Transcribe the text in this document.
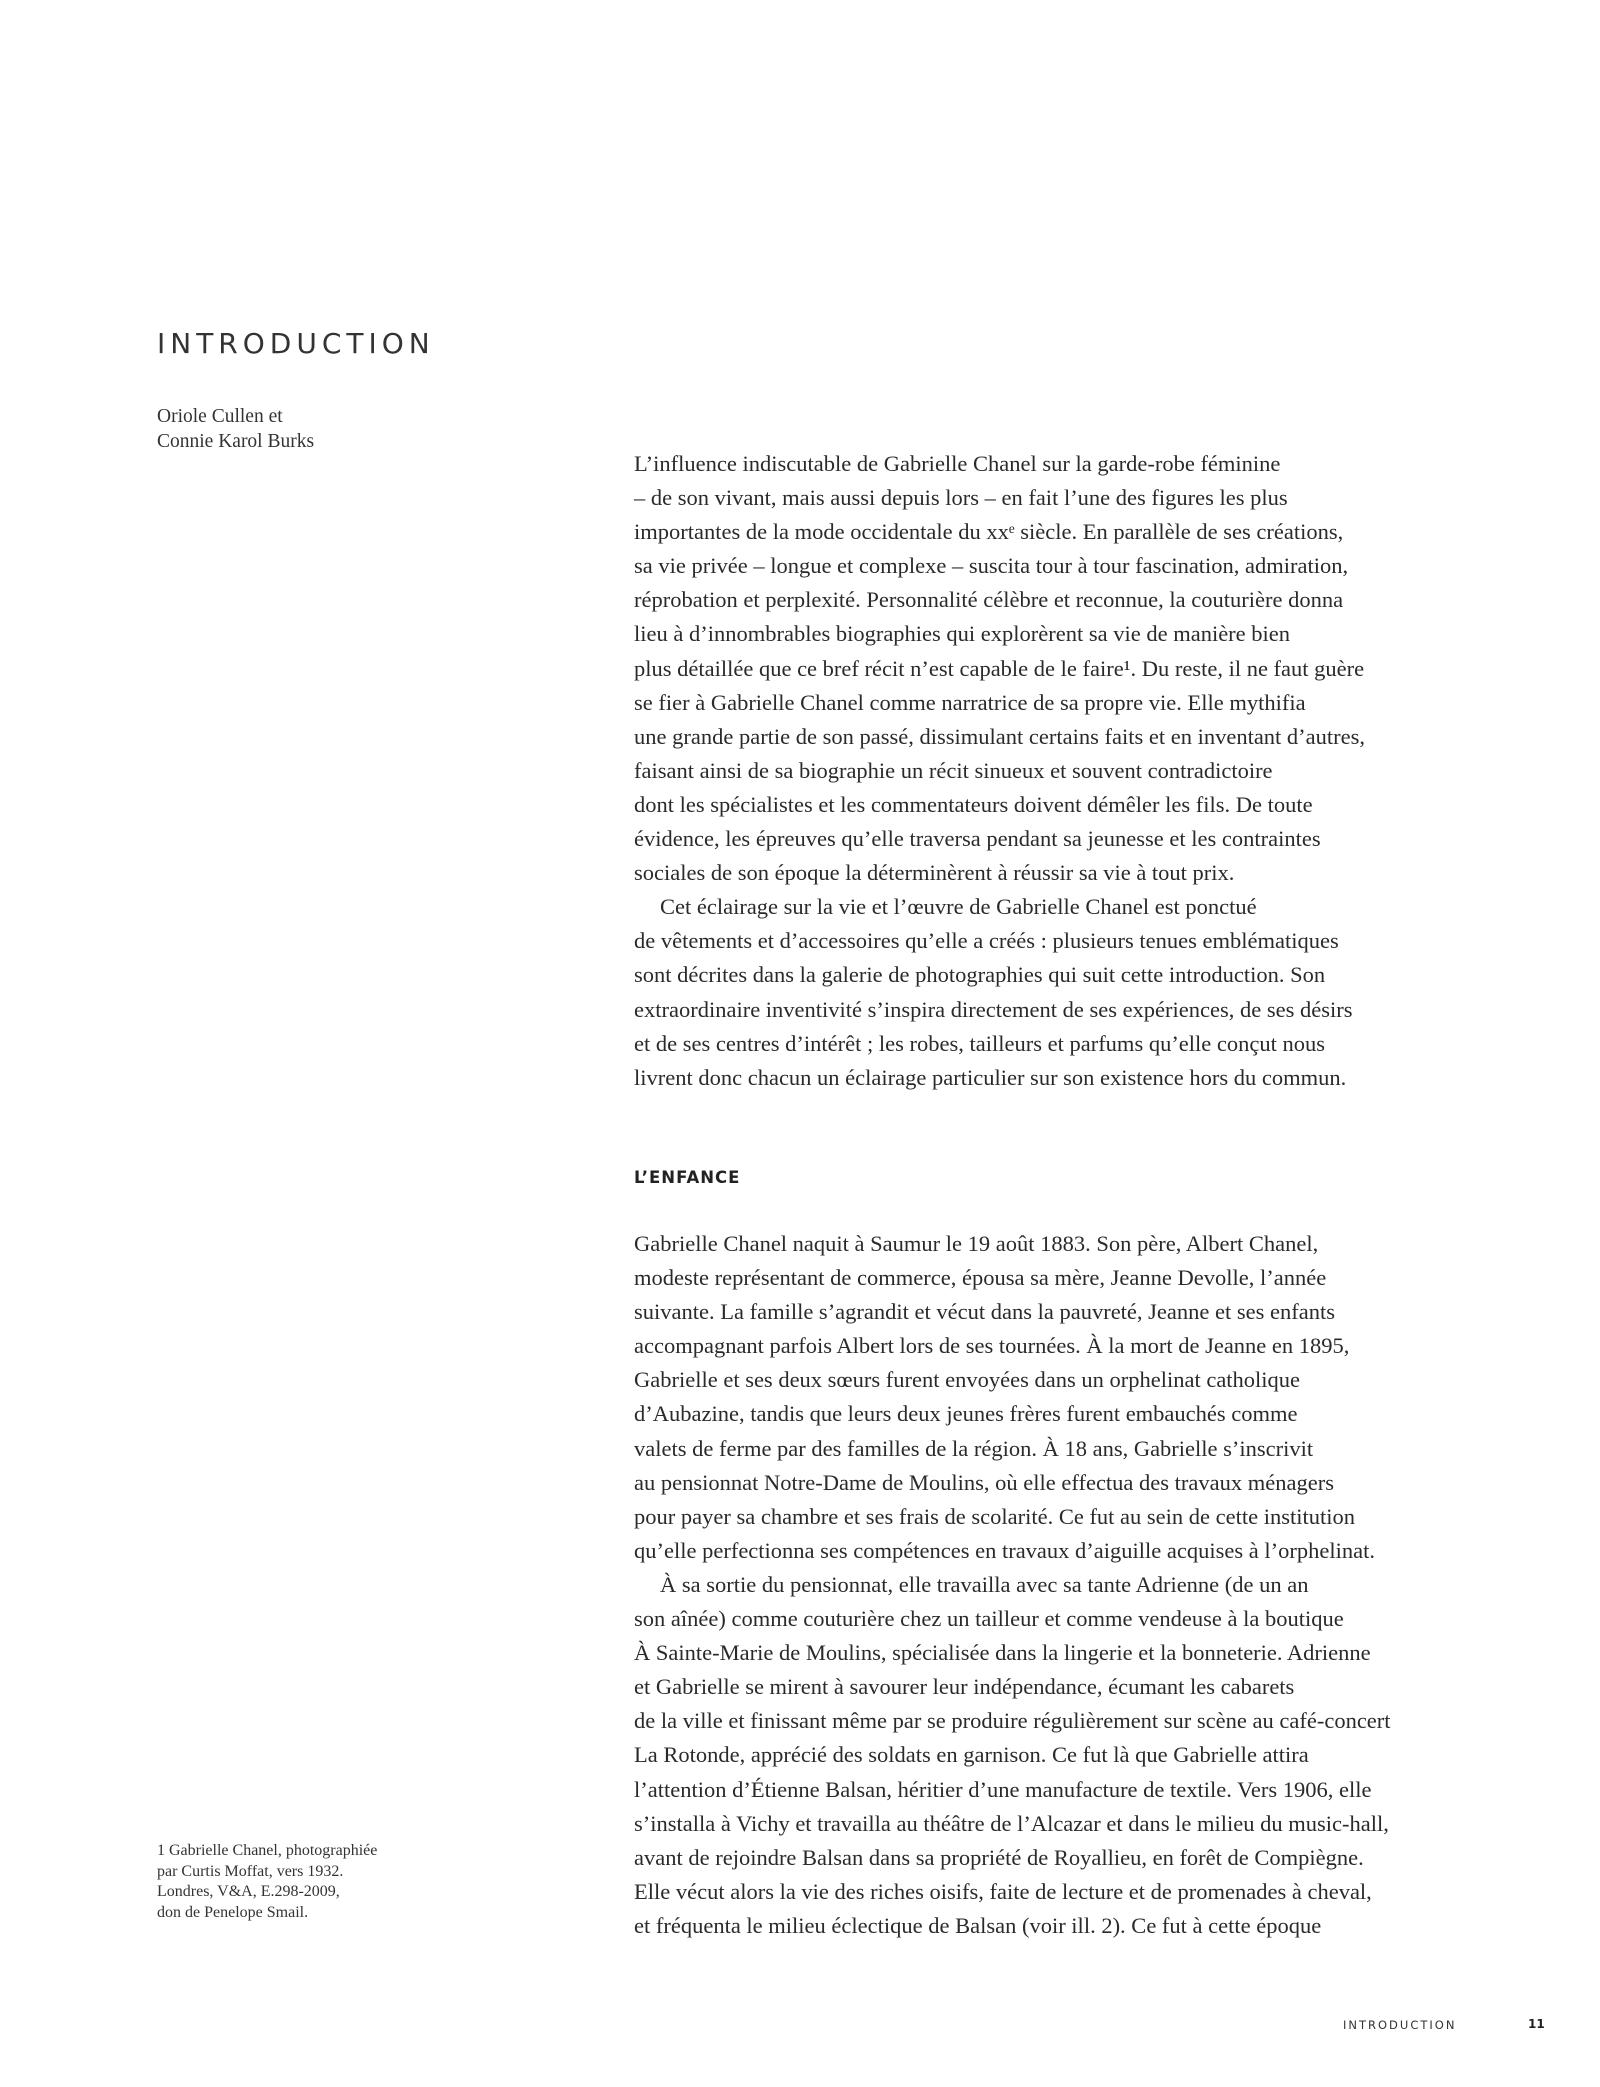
INTRODUCTION
Oriole Cullen et
Connie Karol Burks
L’influence indiscutable de Gabrielle Chanel sur la garde-robe féminine
– de son vivant, mais aussi depuis lors – en fait l’une des figures les plus
importantes de la mode occidentale du xxᵉ siècle. En parallèle de ses créations,
sa vie privée – longue et complexe – suscita tour à tour fascination, admiration,
réprobation et perplexité. Personnalité célèbre et reconnue, la couturière donna
lieu à d’innombrables biographies qui explorèrent sa vie de manière bien
plus détaillée que ce bref récit n’est capable de le faire¹. Du reste, il ne faut guère
se fier à Gabrielle Chanel comme narratrice de sa propre vie. Elle mythifia
une grande partie de son passé, dissimulant certains faits et en inventant d’autres,
faisant ainsi de sa biographie un récit sinueux et souvent contradictoire
dont les spécialistes et les commentateurs doivent démêler les fils. De toute
évidence, les épreuves qu’elle traversa pendant sa jeunesse et les contraintes
sociales de son époque la déterminèrent à réussir sa vie à tout prix.
Cet éclairage sur la vie et l’œuvre de Gabrielle Chanel est ponctué
de vêtements et d’accessoires qu’elle a créés : plusieurs tenues emblématiques
sont décrites dans la galerie de photographies qui suit cette introduction. Son
extraordinaire inventivité s’inspira directement de ses expériences, de ses désirs
et de ses centres d’intérêt ; les robes, tailleurs et parfums qu’elle conçut nous
livrent donc chacun un éclairage particulier sur son existence hors du commun.
L’ENFANCE
Gabrielle Chanel naquit à Saumur le 19 août 1883. Son père, Albert Chanel,
modeste représentant de commerce, épousa sa mère, Jeanne Devolle, l’année
suivante. La famille s’agrandit et vécut dans la pauvreté, Jeanne et ses enfants
accompagnant parfois Albert lors de ses tournées. À la mort de Jeanne en 1895,
Gabrielle et ses deux sœurs furent envoyées dans un orphelinat catholique
d’Aubazine, tandis que leurs deux jeunes frères furent embauchés comme
valets de ferme par des familles de la région. À 18 ans, Gabrielle s’inscrivit
au pensionnat Notre-Dame de Moulins, où elle effectua des travaux ménagers
pour payer sa chambre et ses frais de scolarité. Ce fut au sein de cette institution
qu’elle perfectionna ses compétences en travaux d’aiguille acquises à l’orphelinat.
À sa sortie du pensionnat, elle travailla avec sa tante Adrienne (de un an
son aînée) comme couturière chez un tailleur et comme vendeuse à la boutique
À Sainte-Marie de Moulins, spécialisée dans la lingerie et la bonneterie. Adrienne
et Gabrielle se mirent à savourer leur indépendance, écumant les cabarets
de la ville et finissant même par se produire régulièrement sur scène au café-concert
La Rotonde, apprécié des soldats en garnison. Ce fut là que Gabrielle attira
l’attention d’Étienne Balsan, héritier d’une manufacture de textile. Vers 1906, elle
s’installa à Vichy et travailla au théâtre de l’Alcazar et dans le milieu du music-hall,
avant de rejoindre Balsan dans sa propriété de Royallieu, en forêt de Compiègne.
Elle vécut alors la vie des riches oisifs, faite de lecture et de promenades à cheval,
et fréquenta le milieu éclectique de Balsan (voir ill. 2). Ce fut à cette époque
1 Gabrielle Chanel, photographiée
par Curtis Moffat, vers 1932.
Londres, V&A, E.298-2009,
don de Penelope Smail.
INTRODUCTION	11
